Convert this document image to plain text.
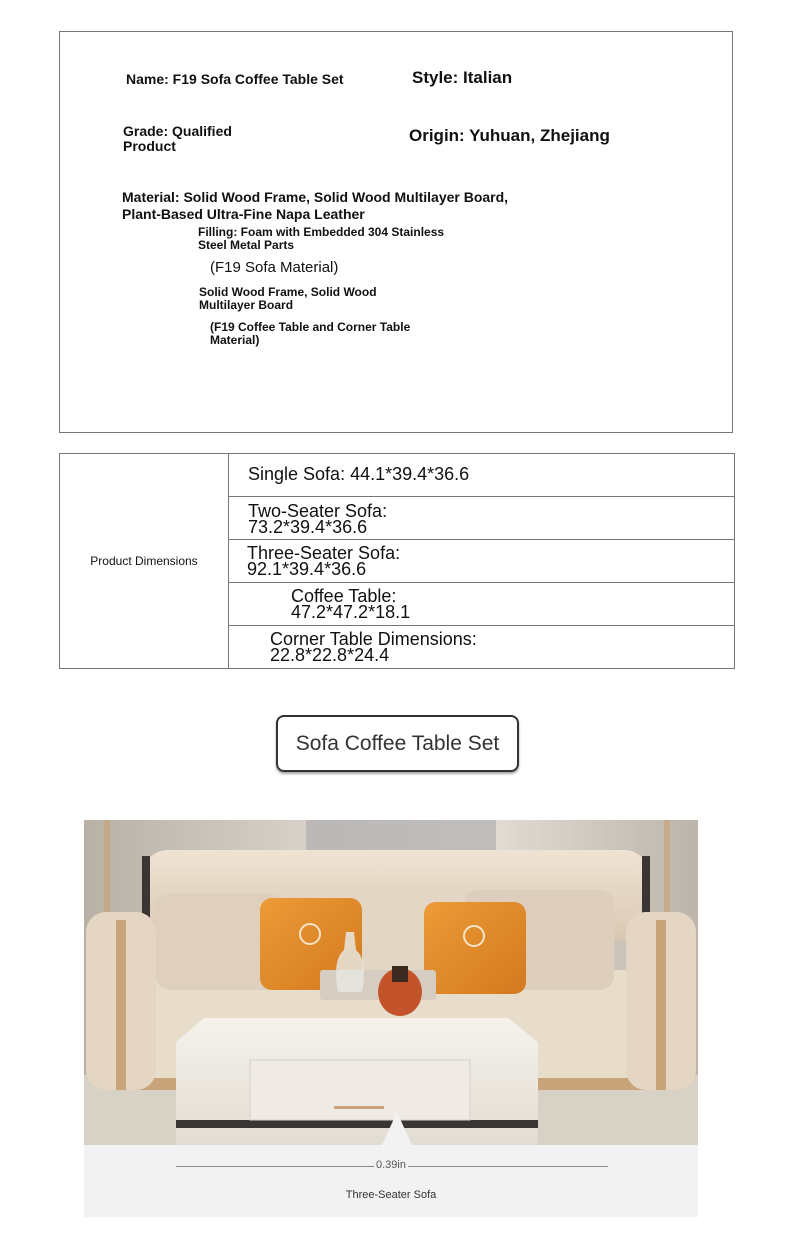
Name: F19 Sofa Coffee Table Set	Style: Italian

Grade: Qualified
Product

Origin: Yuhuan, Zhejiang

Material: Solid Wood Frame, Solid Wood Multilayer Board,
Plant-Based Ultra-Fine Napa Leather

Filling: Foam with Embedded 304 Stainless
Steel Metal Parts

(F19 Sofa Material)

Solid Wood Frame, Solid Wood
Multilayer Board

(F19 Coffee Table and Corner Table
Material)

Product Dimensions
Single Sofa: 44.1*39.4*36.6
Two-Seater Sofa:
73.2*39.4*36.6
Three-Seater Sofa:
92.1*39.4*36.6
Coffee Table:
47.2*47.2*18.1
Corner Table Dimensions:
22.8*22.8*24.4
Sofa Coffee Table Set
0.39in
Three-Seater Sofa
